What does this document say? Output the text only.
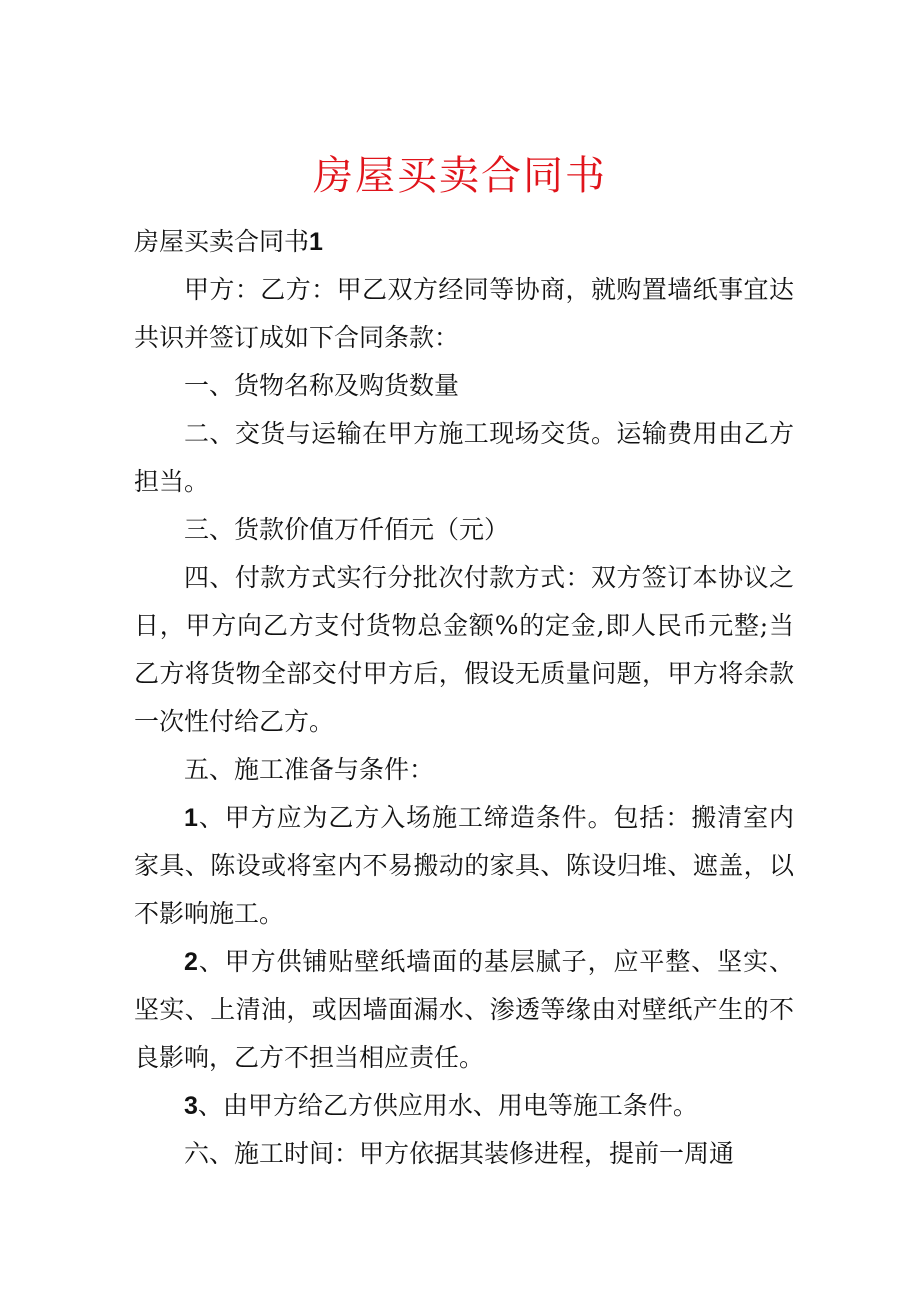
房屋买卖合同书

房屋买卖合同书1

甲方：乙方：甲乙双方经同等协商，就购置墙纸事宜达共识并签订成如下合同条款：

一、货物名称及购货数量

二、交货与运输在甲方施工现场交货。运输费用由乙方担当。

三、货款价值万仟佰元（元）

四、付款方式实行分批次付款方式：双方签订本协议之日，甲方向乙方支付货物总金额%的定金,即人民币元整;当乙方将货物全部交付甲方后，假设无质量问题，甲方将余款一次性付给乙方。

五、施工准备与条件：

1、甲方应为乙方入场施工缔造条件。包括：搬清室内家具、陈设或将室内不易搬动的家具、陈设归堆、遮盖，以不影响施工。

2、甲方供铺贴壁纸墙面的基层腻子，应平整、坚实、坚实、上清油，或因墙面漏水、渗透等缘由对壁纸产生的不良影响，乙方不担当相应责任。

3、由甲方给乙方供应用水、用电等施工条件。

六、施工时间：甲方依据其装修进程，提前一周通
